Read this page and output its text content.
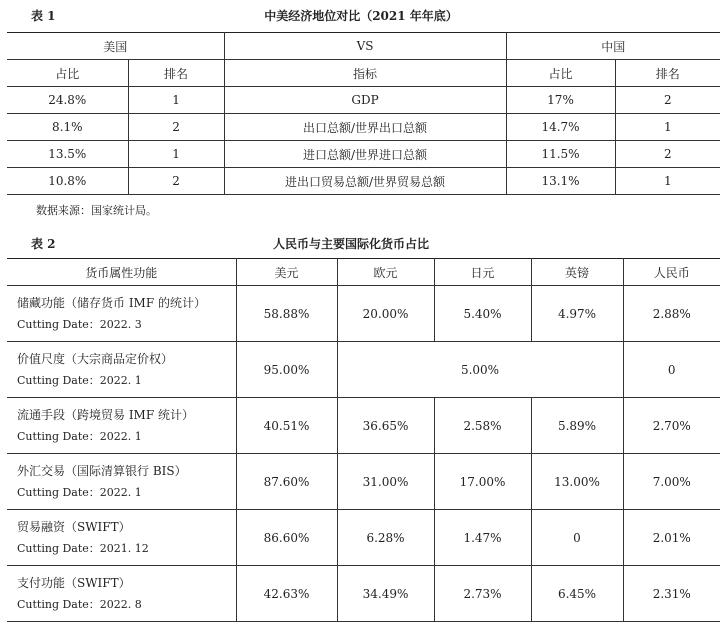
表 1	中美经济地位对比（2021 年年底）
美国		VS	中国	
占比	排名	指标	占比	排名
24.8%	1	GDP	17%	2
8.1%	2	出口总额/世界出口总额	14.7%	1
13.5%	1	进口总额/世界进口总额	11.5%	2
10.8%	2	进出口贸易总额/世界贸易总额	13.1%	1
数据来源：国家统计局。
表 2	人民币与主要国际化货币占比
货币属性功能	美元	欧元	日元	英镑	人民币

储藏功能（储存货币 IMF 的统计）
Cutting Date：2022. 3	58.88%	20.00%	5.40%	4.97%	2.88%

价值尺度（大宗商品定价权）
Cutting Date：2022. 1	95.00%	5.00%			0

流通手段（跨境贸易 IMF 统计）
Cutting Date：2022. 1	40.51%	36.65%	2.58%	5.89%	2.70%

外汇交易（国际清算银行 BIS）
Cutting Date：2022. 1	87.60%	31.00%	17.00%	13.00%	7.00%

贸易融资（SWIFT）
Cutting Date：2021. 12	86.60%	6.28%	1.47%	0	2.01%

支付功能（SWIFT）
Cutting Date：2022. 8	42.63%	34.49%	2.73%	6.45%	2.31%
